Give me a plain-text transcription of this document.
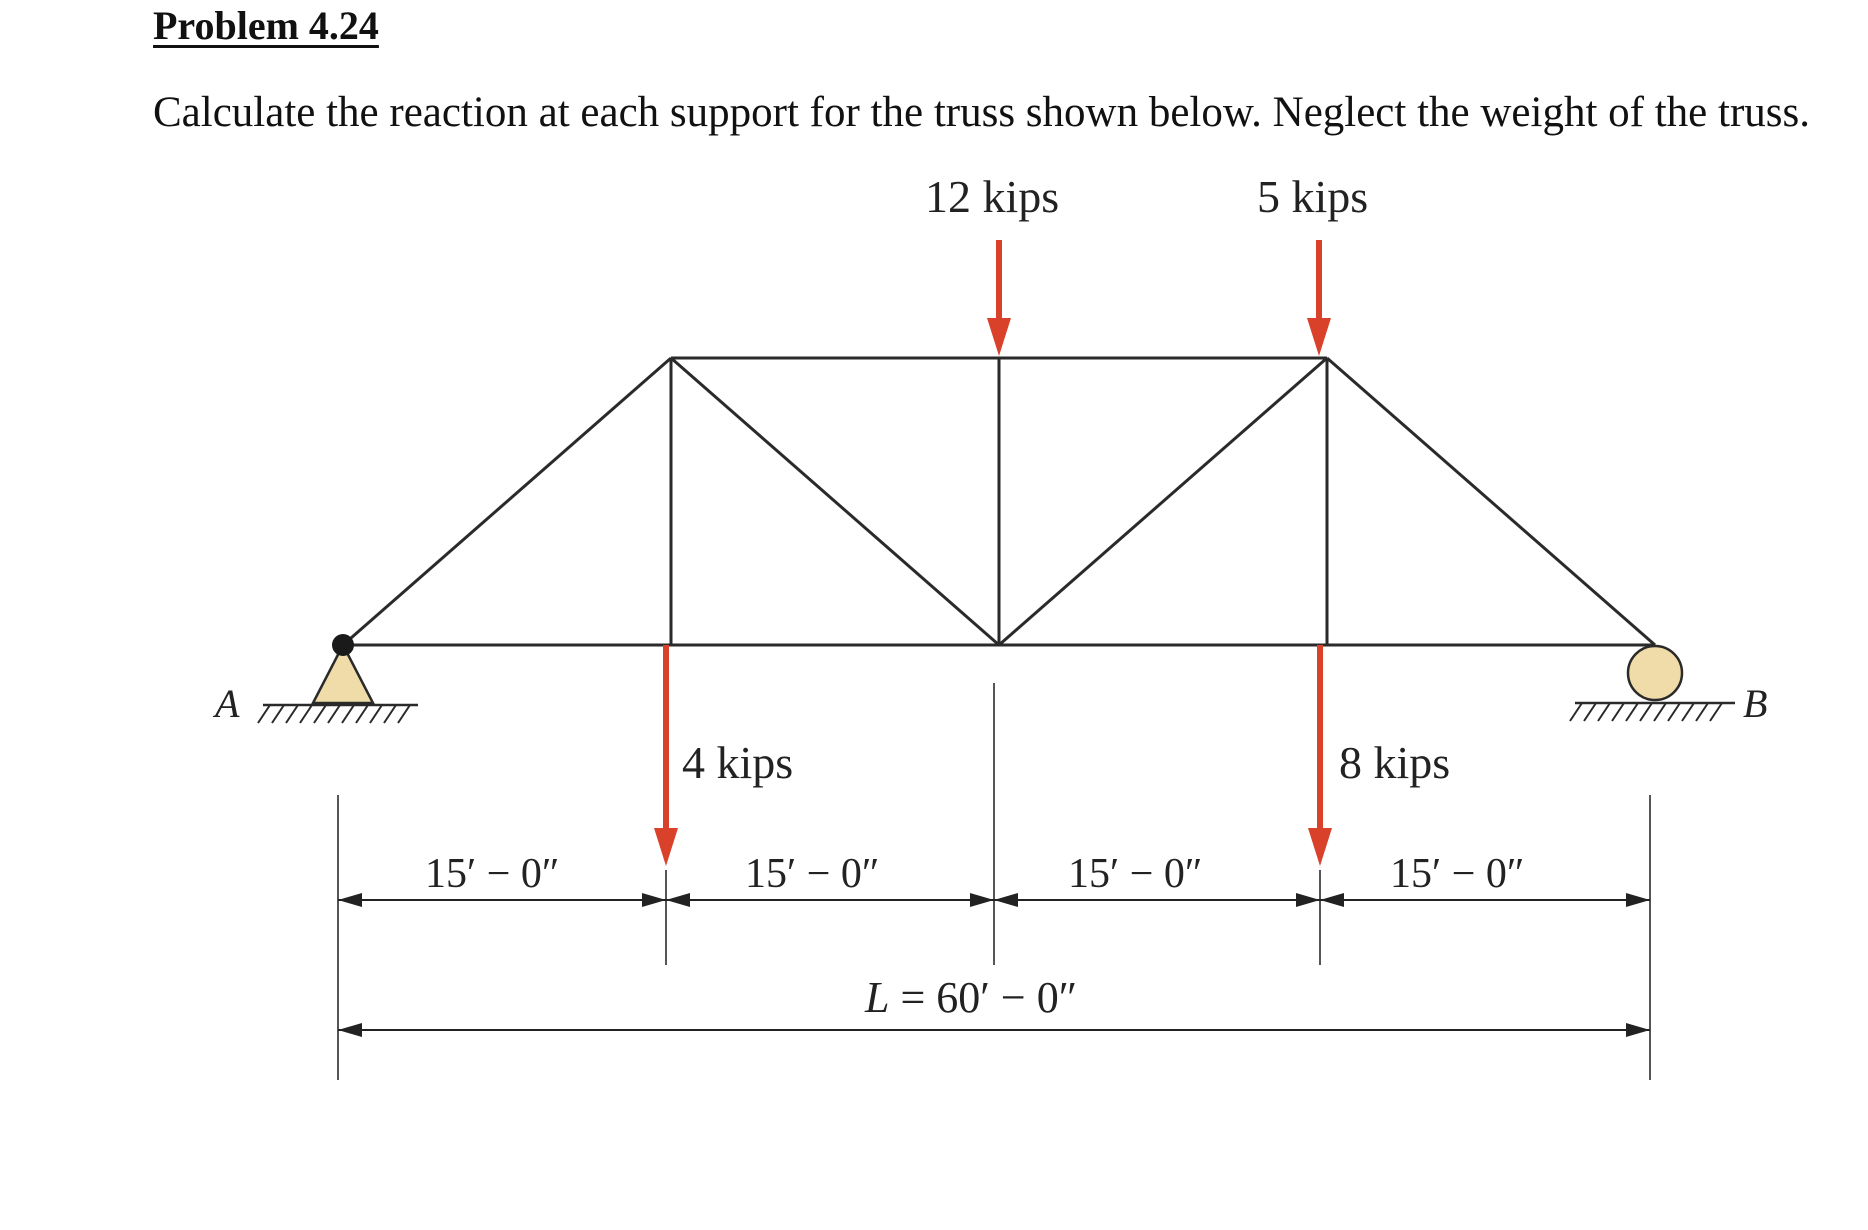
Problem 4.24
Calculate the reaction at each support for the truss shown below. Neglect the weight of the truss.
A	B
12 kips	5 kips
4 kips	8 kips
15′ − 0″	15′ − 0″	15′ − 0″	15′ − 0″
L = 60′ − 0″
